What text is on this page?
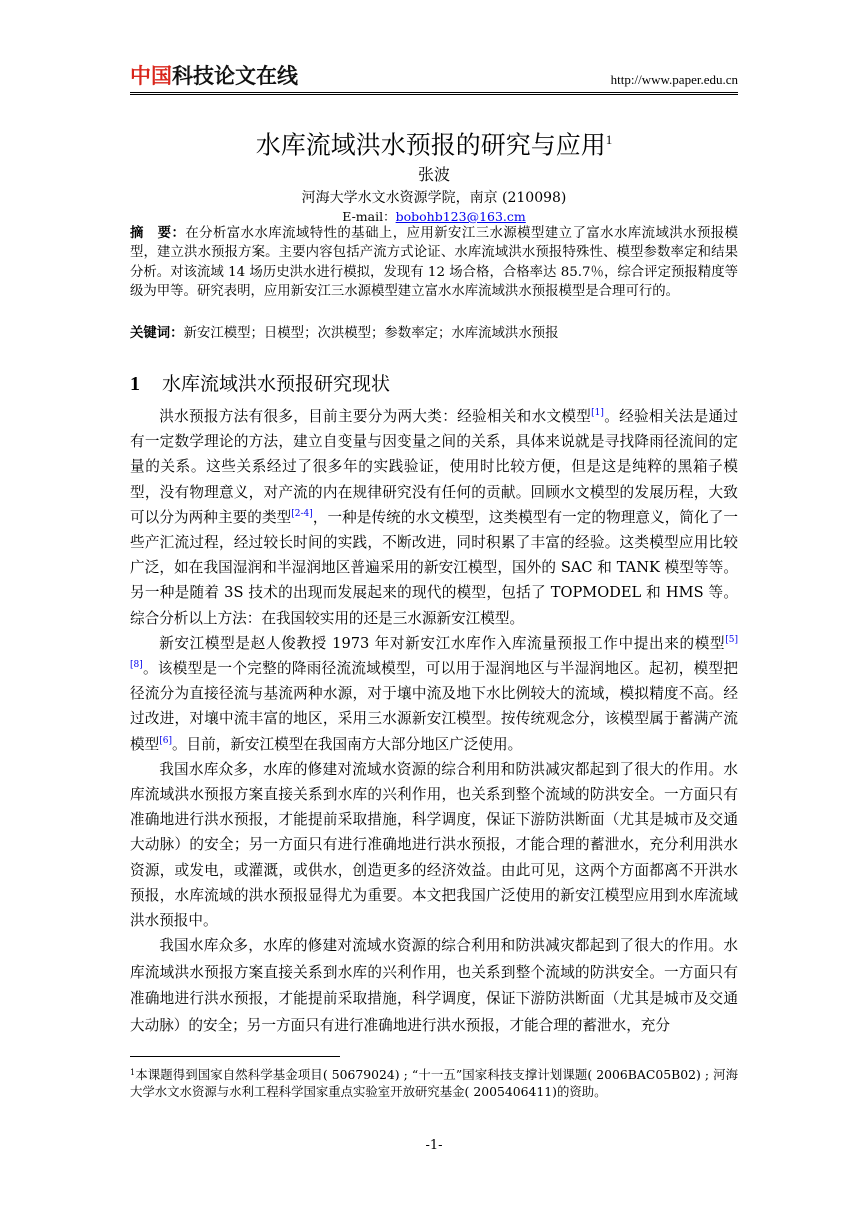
中国科技论文在线	http://www.paper.edu.cn
水库流域洪水预报的研究与应用$^1$
张波
河海大学水文水资源学院，南京 (210098)
E-mail：bobohb123@163.cm
摘　要：在分析富水水库流域特性的基础上，应用新安江三水源模型建立了富水水库流域洪水预报模型，建立洪水预报方案。主要内容包括产流方式论证、水库流域洪水预报特殊性、模型参数率定和结果分析。对该流域 14 场历史洪水进行模拟，发现有 12 场合格，合格率达 85.7％，综合评定预报精度等级为甲等。研究表明，应用新安江三水源模型建立富水水库流域洪水预报模型是合理可行的。
关键词：新安江模型；日模型；次洪模型；参数率定；水库流域洪水预报
1 水库流域洪水预报研究现状

洪水预报方法有很多，目前主要分为两大类：经验相关和水文模型[1]。经验相关法是通过有一定数学理论的方法，建立自变量与因变量之间的关系，具体来说就是寻找降雨径流间的定量的关系。这些关系经过了很多年的实践验证，使用时比较方便，但是这是纯粹的黑箱子模型，没有物理意义，对产流的内在规律研究没有任何的贡献。回顾水文模型的发展历程，大致可以分为两种主要的类型[2-4]，一种是传统的水文模型，这类模型有一定的物理意义，简化了一些产汇流过程，经过较长时间的实践，不断改进，同时积累了丰富的经验。这类模型应用比较广泛，如在我国湿润和半湿润地区普遍采用的新安江模型，国外的 SAC 和 TANK 模型等等。另一种是随着 3S 技术的出现而发展起来的现代的模型，包括了 TOPMODEL 和 HMS 等。综合分析以上方法：在我国较实用的还是三水源新安江模型。

新安江模型是赵人俊教授 1973 年对新安江水库作入库流量预报工作中提出来的模型[5][8]。该模型是一个完整的降雨径流流域模型，可以用于湿润地区与半湿润地区。起初，模型把径流分为直接径流与基流两种水源，对于壤中流及地下水比例较大的流域，模拟精度不高。经过改进，对壤中流丰富的地区，采用三水源新安江模型。按传统观念分，该模型属于蓄满产流模型[6]。目前，新安江模型在我国南方大部分地区广泛使用。

我国水库众多，水库的修建对流域水资源的综合利用和防洪减灾都起到了很大的作用。水库流域洪水预报方案直接关系到水库的兴利作用，也关系到整个流域的防洪安全。一方面只有准确地进行洪水预报，才能提前采取措施，科学调度，保证下游防洪断面（尤其是城市及交通大动脉）的安全；另一方面只有进行准确地进行洪水预报，才能合理的蓄泄水，充分利用洪水资源，或发电，或灌溉，或供水，创造更多的经济效益。由此可见，这两个方面都离不开洪水预报，水库流域的洪水预报显得尤为重要。本文把我国广泛使用的新安江模型应用到水库流域洪水预报中。

我国水库众多，水库的修建对流域水资源的综合利用和防洪减灾都起到了很大的作用。水库流域洪水预报方案直接关系到水库的兴利作用，也关系到整个流域的防洪安全。一方面只有准确地进行洪水预报，才能提前采取措施，科学调度，保证下游防洪断面（尤其是城市及交通大动脉）的安全；另一方面只有进行准确地进行洪水预报，才能合理的蓄泄水，充分

$^1$本课题得到国家自然科学基金项目( 50679024) ; “十一五”国家科技支撑计划课题( 2006BAC05B02) ; 河海大学水文水资源与水利工程科学国家重点实验室开放研究基金( 2005406411)的资助。
-1-
